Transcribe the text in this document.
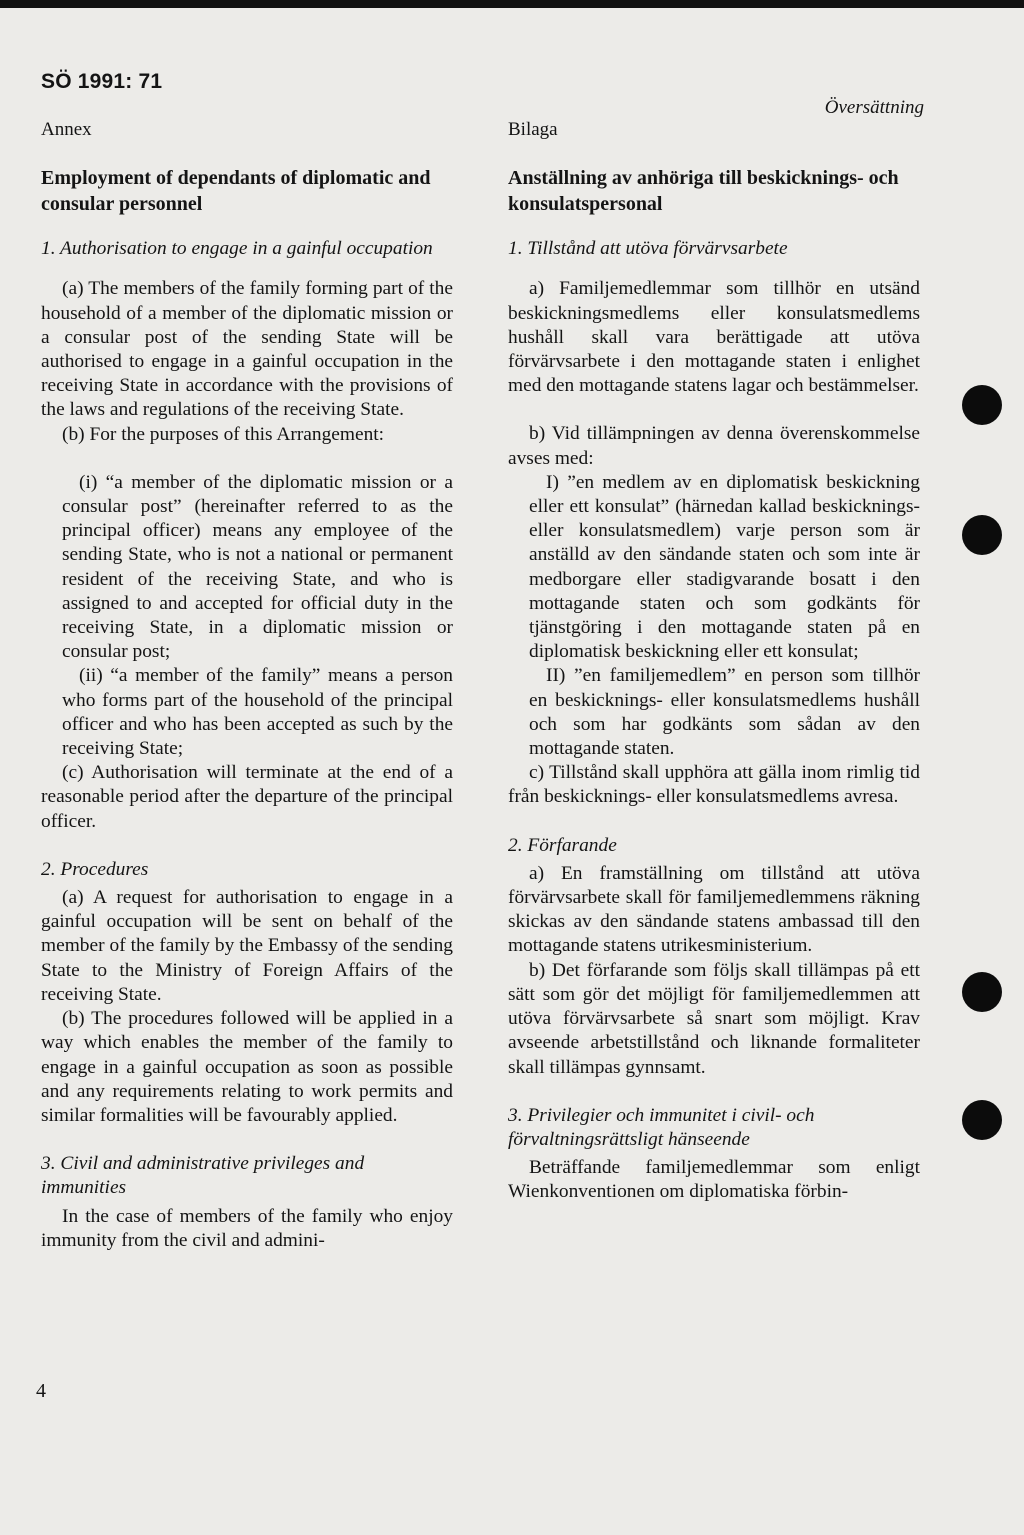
SÖ 1991: 71
Översättning

Annex

Employment of dependants of diplomatic and consular personnel

1. Authorisation to engage in a gainful occupation

(a) The members of the family forming part of the household of a member of the diplomatic mission or a consular post of the sending State will be authorised to engage in a gainful occupation in the receiving State in accordance with the provisions of the laws and regulations of the receiving State.

(b) For the purposes of this Arrangement:

(i) “a member of the diplomatic mission or a consular post” (hereinafter referred to as the principal officer) means any employee of the sending State, who is not a national or permanent resident of the receiving State, and who is assigned to and accepted for official duty in the receiving State, in a diplomatic mission or consular post;

(ii) “a member of the family” means a person who forms part of the household of the principal officer and who has been accepted as such by the receiving State;

(c) Authorisation will terminate at the end of a reasonable period after the departure of the principal officer.

2. Procedures

(a) A request for authorisation to engage in a gainful occupation will be sent on behalf of the member of the family by the Embassy of the sending State to the Ministry of Foreign Affairs of the receiving State.

(b) The procedures followed will be applied in a way which enables the member of the family to engage in a gainful occupation as soon as possible and any requirements relating to work permits and similar formalities will be favourably applied.

3. Civil and administrative privileges and immunities

In the case of members of the family who enjoy immunity from the civil and admini-

Bilaga

Anställning av anhöriga till beskicknings- och konsulatspersonal

1. Tillstånd att utöva förvärvsarbete

a) Familjemedlemmar som tillhör en utsänd beskickningsmedlems eller konsulatsmedlems hushåll skall vara berättigade att utöva förvärvsarbete i den mottagande staten i enlighet med den mottagande statens lagar och bestämmelser.

b) Vid tillämpningen av denna överenskommelse avses med:

I) ”en medlem av en diplomatisk beskickning eller ett konsulat” (härnedan kallad beskicknings- eller konsulatsmedlem) varje person som är anställd av den sändande staten och som inte är medborgare eller stadigvarande bosatt i den mottagande staten och som godkänts för tjänstgöring i den mottagande staten på en diplomatisk beskickning eller ett konsulat;

II) ”en familjemedlem” en person som tillhör en beskicknings- eller konsulatsmedlems hushåll och som har godkänts som sådan av den mottagande staten.

c) Tillstånd skall upphöra att gälla inom rimlig tid från beskicknings- eller konsulatsmedlems avresa.

2. Förfarande

a) En framställning om tillstånd att utöva förvärvsarbete skall för familjemedlemmens räkning skickas av den sändande statens ambassad till den mottagande statens utrikesministerium.

b) Det förfarande som följs skall tillämpas på ett sätt som gör det möjligt för familjemedlemmen att utöva förvärvsarbete så snart som möjligt. Krav avseende arbetstillstånd och liknande formaliteter skall tillämpas gynnsamt.

3. Privilegier och immunitet i civil- och förvaltningsrättsligt hänseende

Beträffande familjemedlemmar som enligt Wienkonventionen om diplomatiska förbin-

4
